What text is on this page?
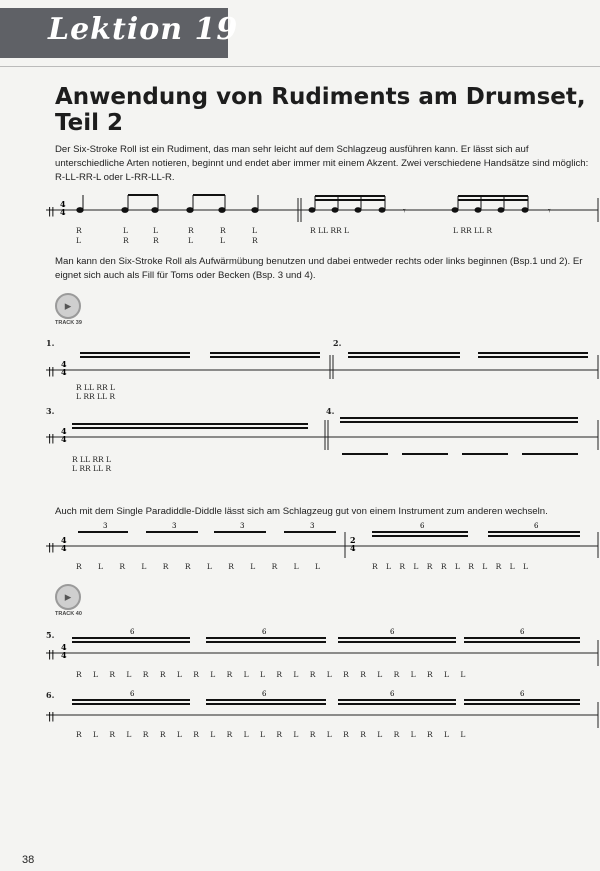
Lektion 19
Anwendung von Rudiments am Drumset, Teil 2
Der Six-Stroke Roll ist ein Rudiment, das man sehr leicht auf dem Schlagzeug ausführen kann. Er lässt sich auf unterschiedliche Arten notieren, beginnt und endet aber immer mit einem Akzent. Zwei verschiedene Handsätze sind möglich: R-LL-RR-L oder L-RR-LL-R.
||
4
4	𝄾	𝄾
R	L	L	R	R	L	R LL RR L	L RR LL R
L	R	R	L	L	R
Man kann den Six-Stroke Roll als Aufwärmübung benutzen und dabei entweder rechts oder links beginnen (Bsp.1 und 2). Er eignet sich auch als Fill für Toms oder Becken (Bsp. 3 und 4).
▸
TRACK 39
1.	2.
||
4
4
R LL RR L
L RR LL R
3.	4.
||
4
4
R LL RR L
L RR LL R
Auch mit dem Single Paradiddle-Diddle lässt sich am Schlagzeug gut von einem Instrument zum anderen wechseln.
||
4
4
3	3	3	3	6	6
2
4
R L R L R R L R L R L L	R L R L R R L R L R L L
▸
TRACK 40
5.
||
4
4
6	6	6	6
R L R L R R L R L R L L R L R L R R L R L R L L
6.
||
6	6	6	6
R L R L R R L R L R L L R L R L R R L R L R L L
38
